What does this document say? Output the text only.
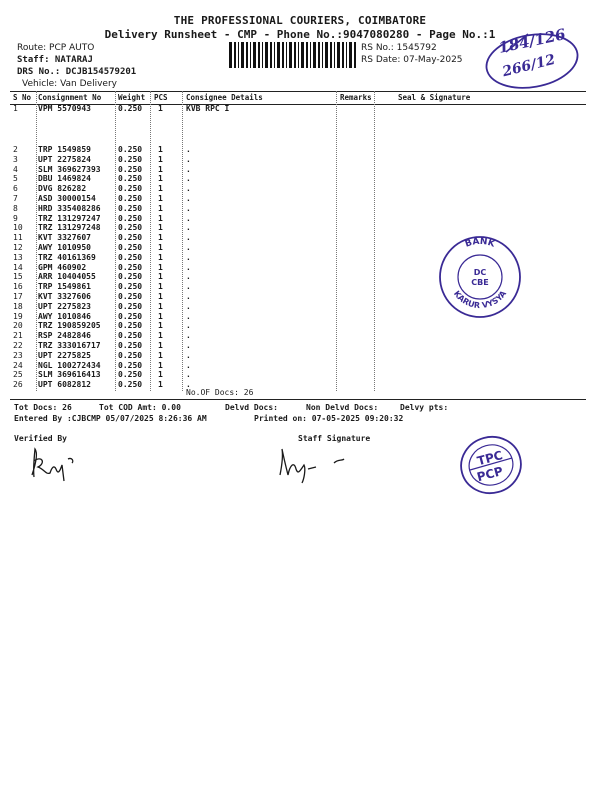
THE PROFESSIONAL COURIERS, COIMBATORE
Delivery Runsheet - CMP - Phone No.:9047080280 - Page No.:1
Route: PCP AUTO
Staff: NATARAJ
DRS No.: DCJB154579201
Vehicle: Van Delivery
RS No.: 1545792
RS Date: 07-May-2025
184/126
266/12
S No Consignment No Weight PCS Consignee Details	Remarks	Seal & Signature
1	VPM 5570943	0.250 1	KVB RPC I
2	TRP 1549859	0.250 1	.
3	UPT 2275824	0.250 1	.
4	SLM 369627393 0.250 1	.
5	DBU 1469824	0.250 1	.
6	DVG 826282	0.250 1	.
7	ASD 30000154	0.250 1	.
8	HRD 335408286 0.250 1	.
9	TRZ 131297247 0.250 1	.
10 TRZ 131297248 0.250 1	.
11 KVT 3327607	0.250 1	.
12 AWY 1010950	0.250 1	.
13 TRZ 40161369	0.250 1	.
14 GPM 460902	0.250 1	.
15 ARR 10404055	0.250 1	.
16 TRP 1549861	0.250 1	.
17 KVT 3327606	0.250 1	.
18 UPT 2275823	0.250 1	.
19 AWY 1010846	0.250 1	.
20 TRZ 190859205 0.250 1	.
21 RSP 2482846	0.250 1	.
22 TRZ 333016717 0.250 1	.
23 UPT 2275825	0.250 1	.
24 NGL 100272434 0.250 1	.
25 SLM 369616413 0.250 1	.
26 UPT 6082812	0.250 1	.
No.OF Docs: 26
Tot Docs: 26	Tot COD Amt: 0.00	Delvd Docs:	Non Delvd Docs:	Delvy pts:
Entered By :CJBCMP 05/07/2025 8:26:36 AM	Printed on: 07-05-2025 09:20:32
Verified By	Staff Signature
BANK
KARUR VYSYA
DC
CBE
TPC
PCP
